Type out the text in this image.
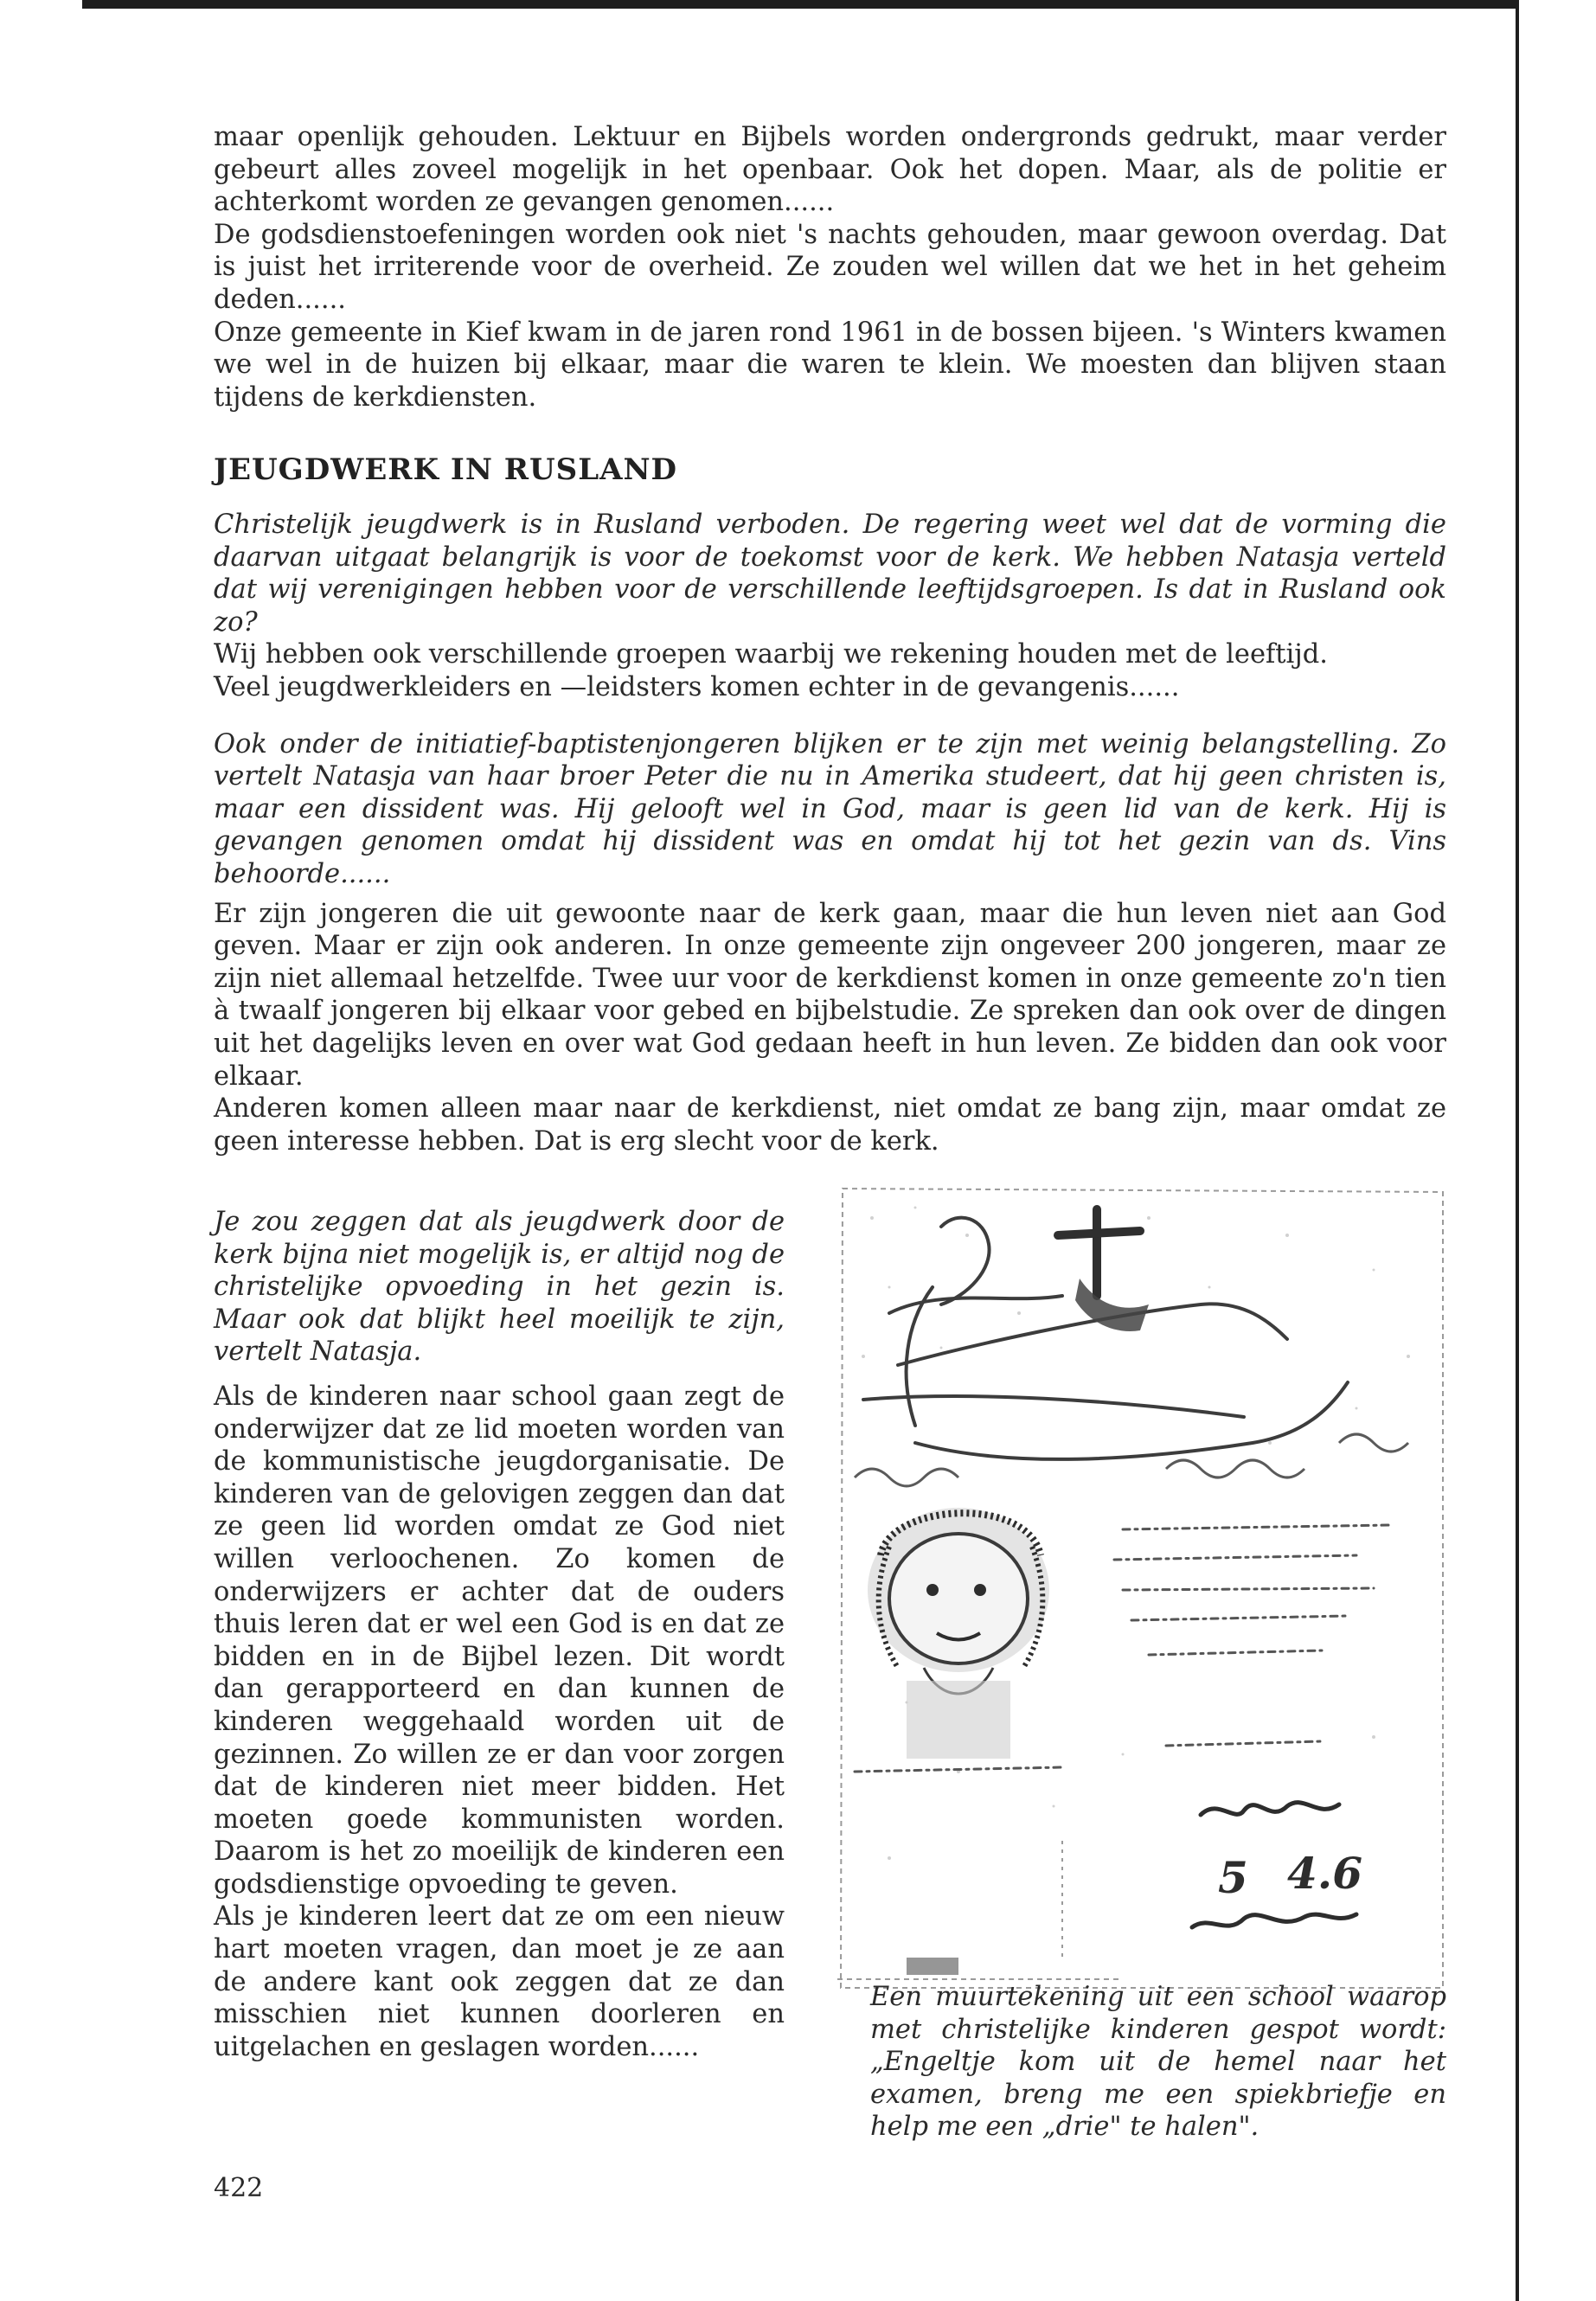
maar openlijk gehouden. Lektuur en Bijbels worden ondergronds gedrukt, maar verder gebeurt alles zoveel mogelijk in het openbaar. Ook het dopen. Maar, als de politie er achterkomt worden ze gevangen genomen......

De godsdienstoefeningen worden ook niet 's nachts gehouden, maar gewoon overdag. Dat is juist het irriterende voor de overheid. Ze zouden wel willen dat we het in het geheim deden......

Onze gemeente in Kief kwam in de jaren rond 1961 in de bossen bijeen. 's Winters kwamen we wel in de huizen bij elkaar, maar die waren te klein. We moesten dan blijven staan tijdens de kerkdiensten.

JEUGDWERK IN RUSLAND

Christelijk jeugdwerk is in Rusland verboden. De regering weet wel dat de vorming die daarvan uitgaat belangrijk is voor de toekomst voor de kerk. We hebben Natasja verteld dat wij verenigingen hebben voor de verschillende leeftijdsgroepen. Is dat in Rusland ook zo?

Wij hebben ook verschillende groepen waarbij we rekening houden met de leeftijd.

Veel jeugdwerkleiders en —leidsters komen echter in de gevangenis......

Ook onder de initiatief-baptistenjongeren blijken er te zijn met weinig belangstelling. Zo vertelt Natasja van haar broer Peter die nu in Amerika studeert, dat hij geen christen is, maar een dissident was. Hij gelooft wel in God, maar is geen lid van de kerk. Hij is gevangen genomen omdat hij dissident was en omdat hij tot het gezin van ds. Vins behoorde......

Er zijn jongeren die uit gewoonte naar de kerk gaan, maar die hun leven niet aan God geven. Maar er zijn ook anderen. In onze gemeente zijn ongeveer 200 jongeren, maar ze zijn niet allemaal hetzelfde. Twee uur voor de kerkdienst komen in onze gemeente zo'n tien à twaalf jongeren bij elkaar voor gebed en bijbelstudie. Ze spreken dan ook over de dingen uit het dagelijks leven en over wat God gedaan heeft in hun leven. Ze bidden dan ook voor elkaar.

Anderen komen alleen maar naar de kerkdienst, niet omdat ze bang zijn, maar omdat ze geen interesse hebben. Dat is erg slecht voor de kerk.

Je zou zeggen dat als jeugdwerk door de kerk bijna niet mogelijk is, er altijd nog de christelijke opvoeding in het gezin is. Maar ook dat blijkt heel moeilijk te zijn, vertelt Natasja.

Als de kinderen naar school gaan zegt de onderwijzer dat ze lid moeten worden van de kommunistische jeugdorganisatie. De kinderen van de gelovigen zeggen dan dat ze geen lid worden omdat ze God niet willen verloochenen. Zo komen de onderwijzers er achter dat de ouders thuis leren dat er wel een God is en dat ze bidden en in de Bijbel lezen. Dit wordt dan gerapporteerd en dan kunnen de kinderen weggehaald worden uit de gezinnen. Zo willen ze er dan voor zorgen dat de kinderen niet meer bidden. Het moeten goede kommunisten worden. Daarom is het zo moeilijk de kinderen een godsdienstige opvoeding te geven.

Als je kinderen leert dat ze om een nieuw hart moeten vragen, dan moet je ze aan de andere kant ook zeggen dat ze dan misschien niet kunnen doorleren en uitgelachen en geslagen worden......

5 4.6

Een muurtekening uit een school waarop met christelijke kinderen gespot wordt: „Engeltje kom uit de hemel naar het examen, breng me een spiekbriefje en help me een „drie" te halen".

422
